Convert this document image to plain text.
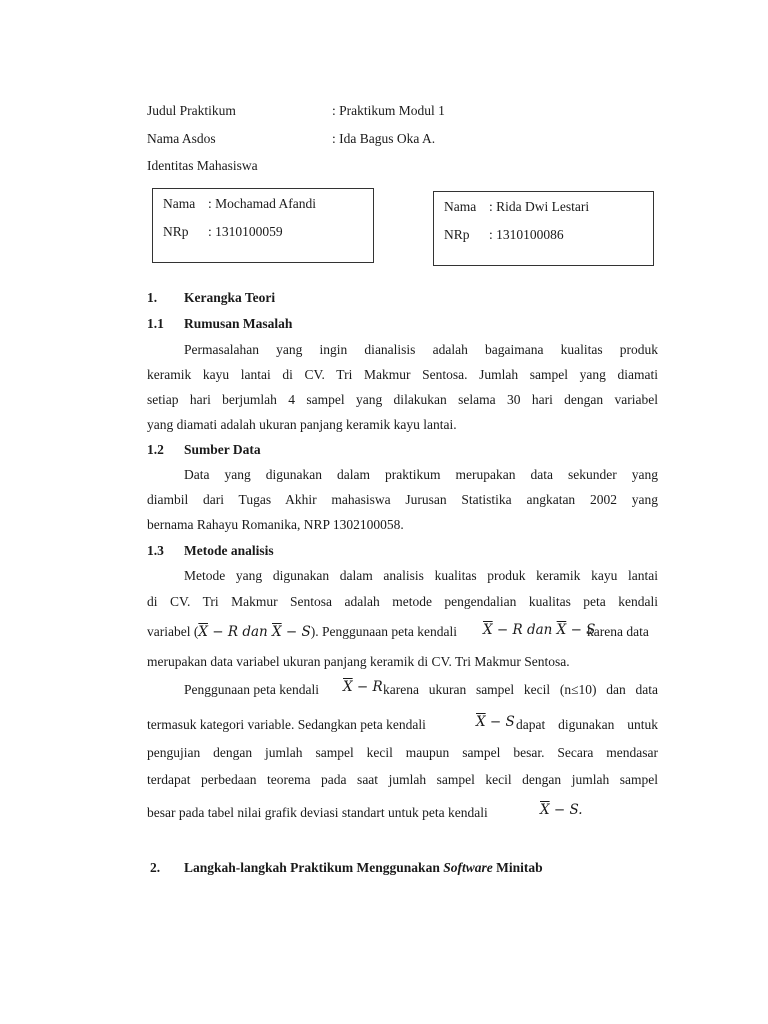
Judul Praktikum	: Praktikum Modul 1
Nama Asdos	: Ida Bagus Oka A.
Identitas Mahasiswa
Nama : Mochamad Afandi
NRp : 1310100059
Nama : Rida Dwi Lestari
NRp : 1310100086
1. Kerangka Teori
1.1 Rumusan Masalah
Permasalahan yang ingin dianalisis adalah bagaimana kualitas produk
keramik kayu lantai di CV. Tri Makmur Sentosa. Jumlah sampel yang diamati
setiap hari berjumlah 4 sampel yang dilakukan selama 30 hari dengan variabel
yang diamati adalah ukuran panjang keramik kayu lantai.
1.2 Sumber Data
Data yang digunakan dalam praktikum merupakan data sekunder yang
diambil dari Tugas Akhir mahasiswa Jurusan Statistika angkatan 2002 yang
bernama Rahayu Romanika, NRP 1302100058.
1.3 Metode analisis
Metode yang digunakan dalam analisis kualitas produk keramik kayu lantai
di CV. Tri Makmur Sentosa adalah metode pengendalian kualitas peta kendali
variabel ($\overline{X} - R$ dan $\overline{X} - S$). Penggunaan peta kendali $\overline{X} - R$ dan $\overline{X} - S$
karena data
merupakan data variabel ukuran panjang keramik di CV. Tri Makmur Sentosa.
Penggunaan peta kendali $\overline{X} - R$ karena ukuran sampel kecil (n≤10) dan data
termasuk kategori variable. Sedangkan peta kendali	$\overline{X} - S$ dapat digunakan untuk
pengujian dengan jumlah sampel kecil maupun sampel besar. Secara mendasar
terdapat perbedaan teorema pada saat jumlah sampel kecil dengan jumlah sampel
besar pada tabel nilai grafik deviasi standart untuk peta kendali	$\overline{X} - S$.
2. Langkah-langkah Praktikum Menggunakan Software Minitab
